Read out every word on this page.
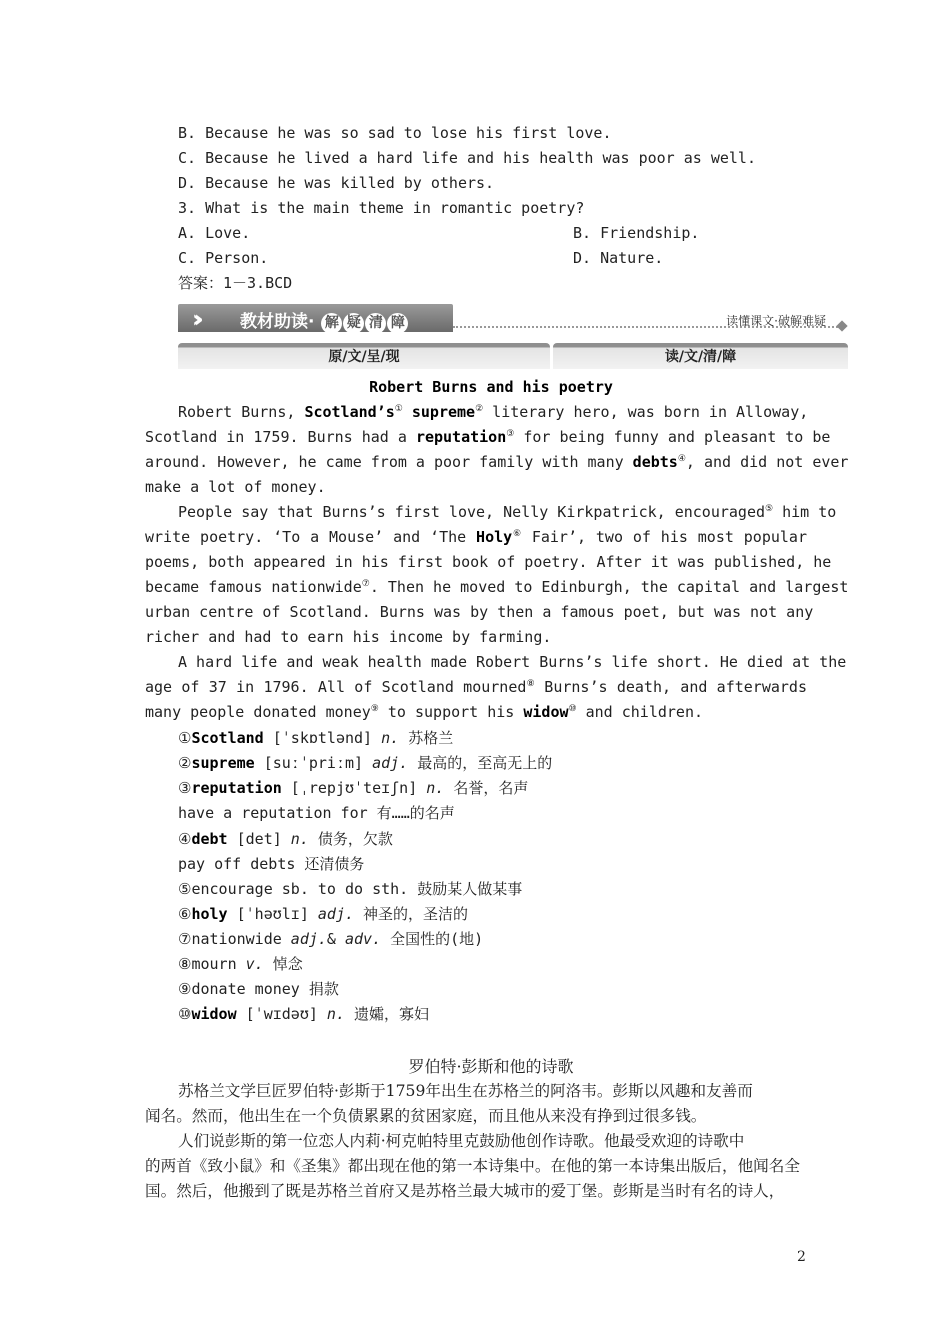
B. Because he was so sad to lose his first love.
C. Because he lived a hard life and his health was poor as well.
D. Because he was killed by others.
3. What is the main theme in romantic poetry?
A. Love.	B. Friendship.
C. Person.	D. Nature.
答案：1－3.BCD
››	教材助读· 解 疑 清 障	读懂课文·破解难疑
原/文/呈/现	读/文/清/障
Robert Burns and his poetry
Robert Burns, Scotland’s① supreme② literary hero, was born in Alloway,
Scotland in 1759. Burns had a reputation③ for being funny and pleasant to be
around. However, he came from a poor family with many debts④, and did not ever
make a lot of money.
People say that Burns’s first love, Nelly Kirkpatrick, encouraged⑤ him to
write poetry. ‘To a Mouse’ and ‘The Holy⑥ Fair’, two of his most popular
poems, both appeared in his first book of poetry. After it was published, he
became famous nationwide⑦. Then he moved to Edinburgh, the capital and largest
urban centre of Scotland. Burns was by then a famous poet, but was not any
richer and had to earn his income by farming.
A hard life and weak health made Robert Burns’s life short. He died at the
age of 37 in 1796. All of Scotland mourned⑧ Burns’s death, and afterwards
many people donated money⑨ to support his widow⑩ and children.
①Scotland [ˈskɒtlənd] n. 苏格兰
②supreme [suːˈpriːm] adj. 最高的，至高无上的
③reputation [ˌrepjʊˈteɪʃn] n. 名誉，名声
have a reputation for 有……的名声
④debt [det] n. 债务，欠款
pay off debts 还清债务
⑤encourage sb. to do sth. 鼓励某人做某事
⑥holy [ˈhəʊlɪ] adj. 神圣的，圣洁的
⑦nationwide adj.& adv. 全国性的(地)
⑧mourn v. 悼念
⑨donate money 捐款
⑩widow [ˈwɪdəʊ] n. 遗孀，寡妇
罗伯特·彭斯和他的诗歌
苏格兰文学巨匠罗伯特·彭斯于1759年出生在苏格兰的阿洛韦。彭斯以风趣和友善而
闻名。然而，他出生在一个负债累累的贫困家庭，而且他从来没有挣到过很多钱。
人们说彭斯的第一位恋人内莉·柯克帕特里克鼓励他创作诗歌。他最受欢迎的诗歌中
的两首《致小鼠》和《圣集》都出现在他的第一本诗集中。在他的第一本诗集出版后，他闻名全
国。然后，他搬到了既是苏格兰首府又是苏格兰最大城市的爱丁堡。彭斯是当时有名的诗人，
2
